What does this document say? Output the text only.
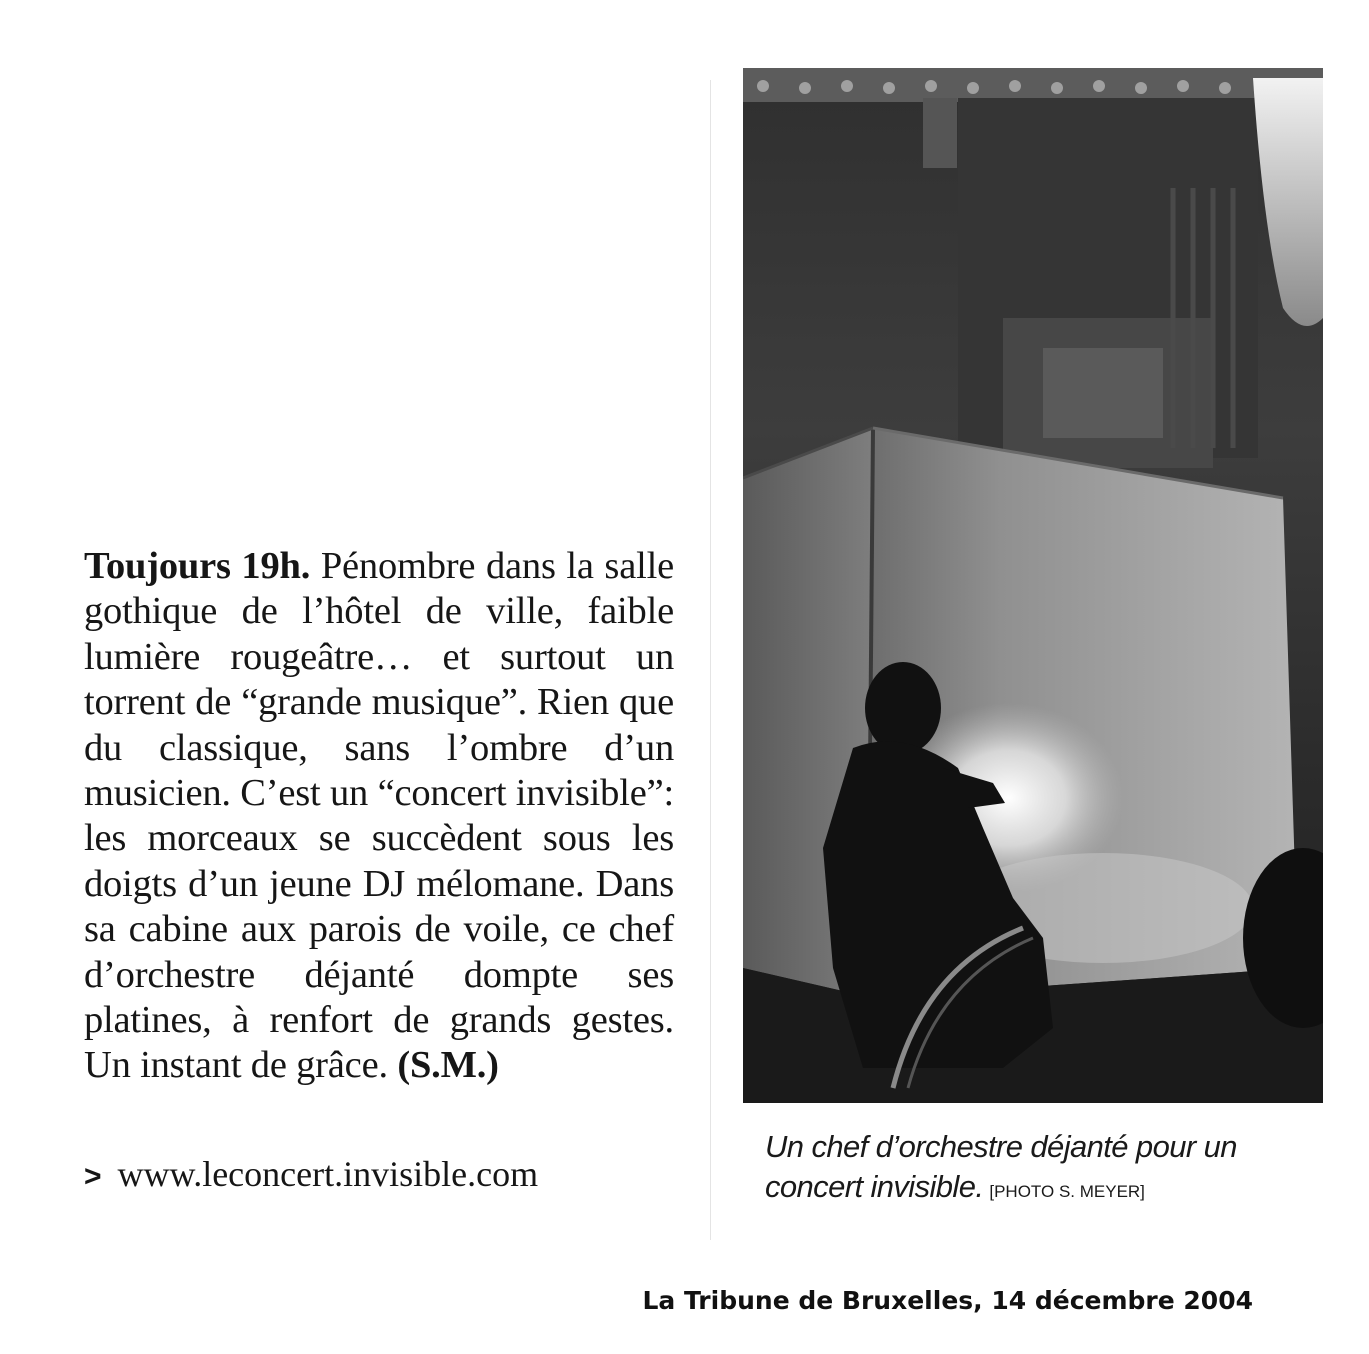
Toujours 19h. Pénombre dans la salle gothique de l’hôtel de ville, faible lumière rougeâtre… et surtout un torrent de “grande musique”. Rien que du classique, sans l’ombre d’un musicien. C’est un “concert invisible”: les morceaux se succèdent sous les doigts d’un jeune DJ mélomane. Dans sa cabine aux parois de voile, ce chef d’orchestre déjanté dompte ses platines, à renfort de grands gestes. Un instant de grâce. (S.M.)
> www.leconcert.invisible.com
Un chef d’orchestre déjanté pour un concert invisible. [PHOTO S. MEYER]
La Tribune de Bruxelles, 14 décembre 2004
